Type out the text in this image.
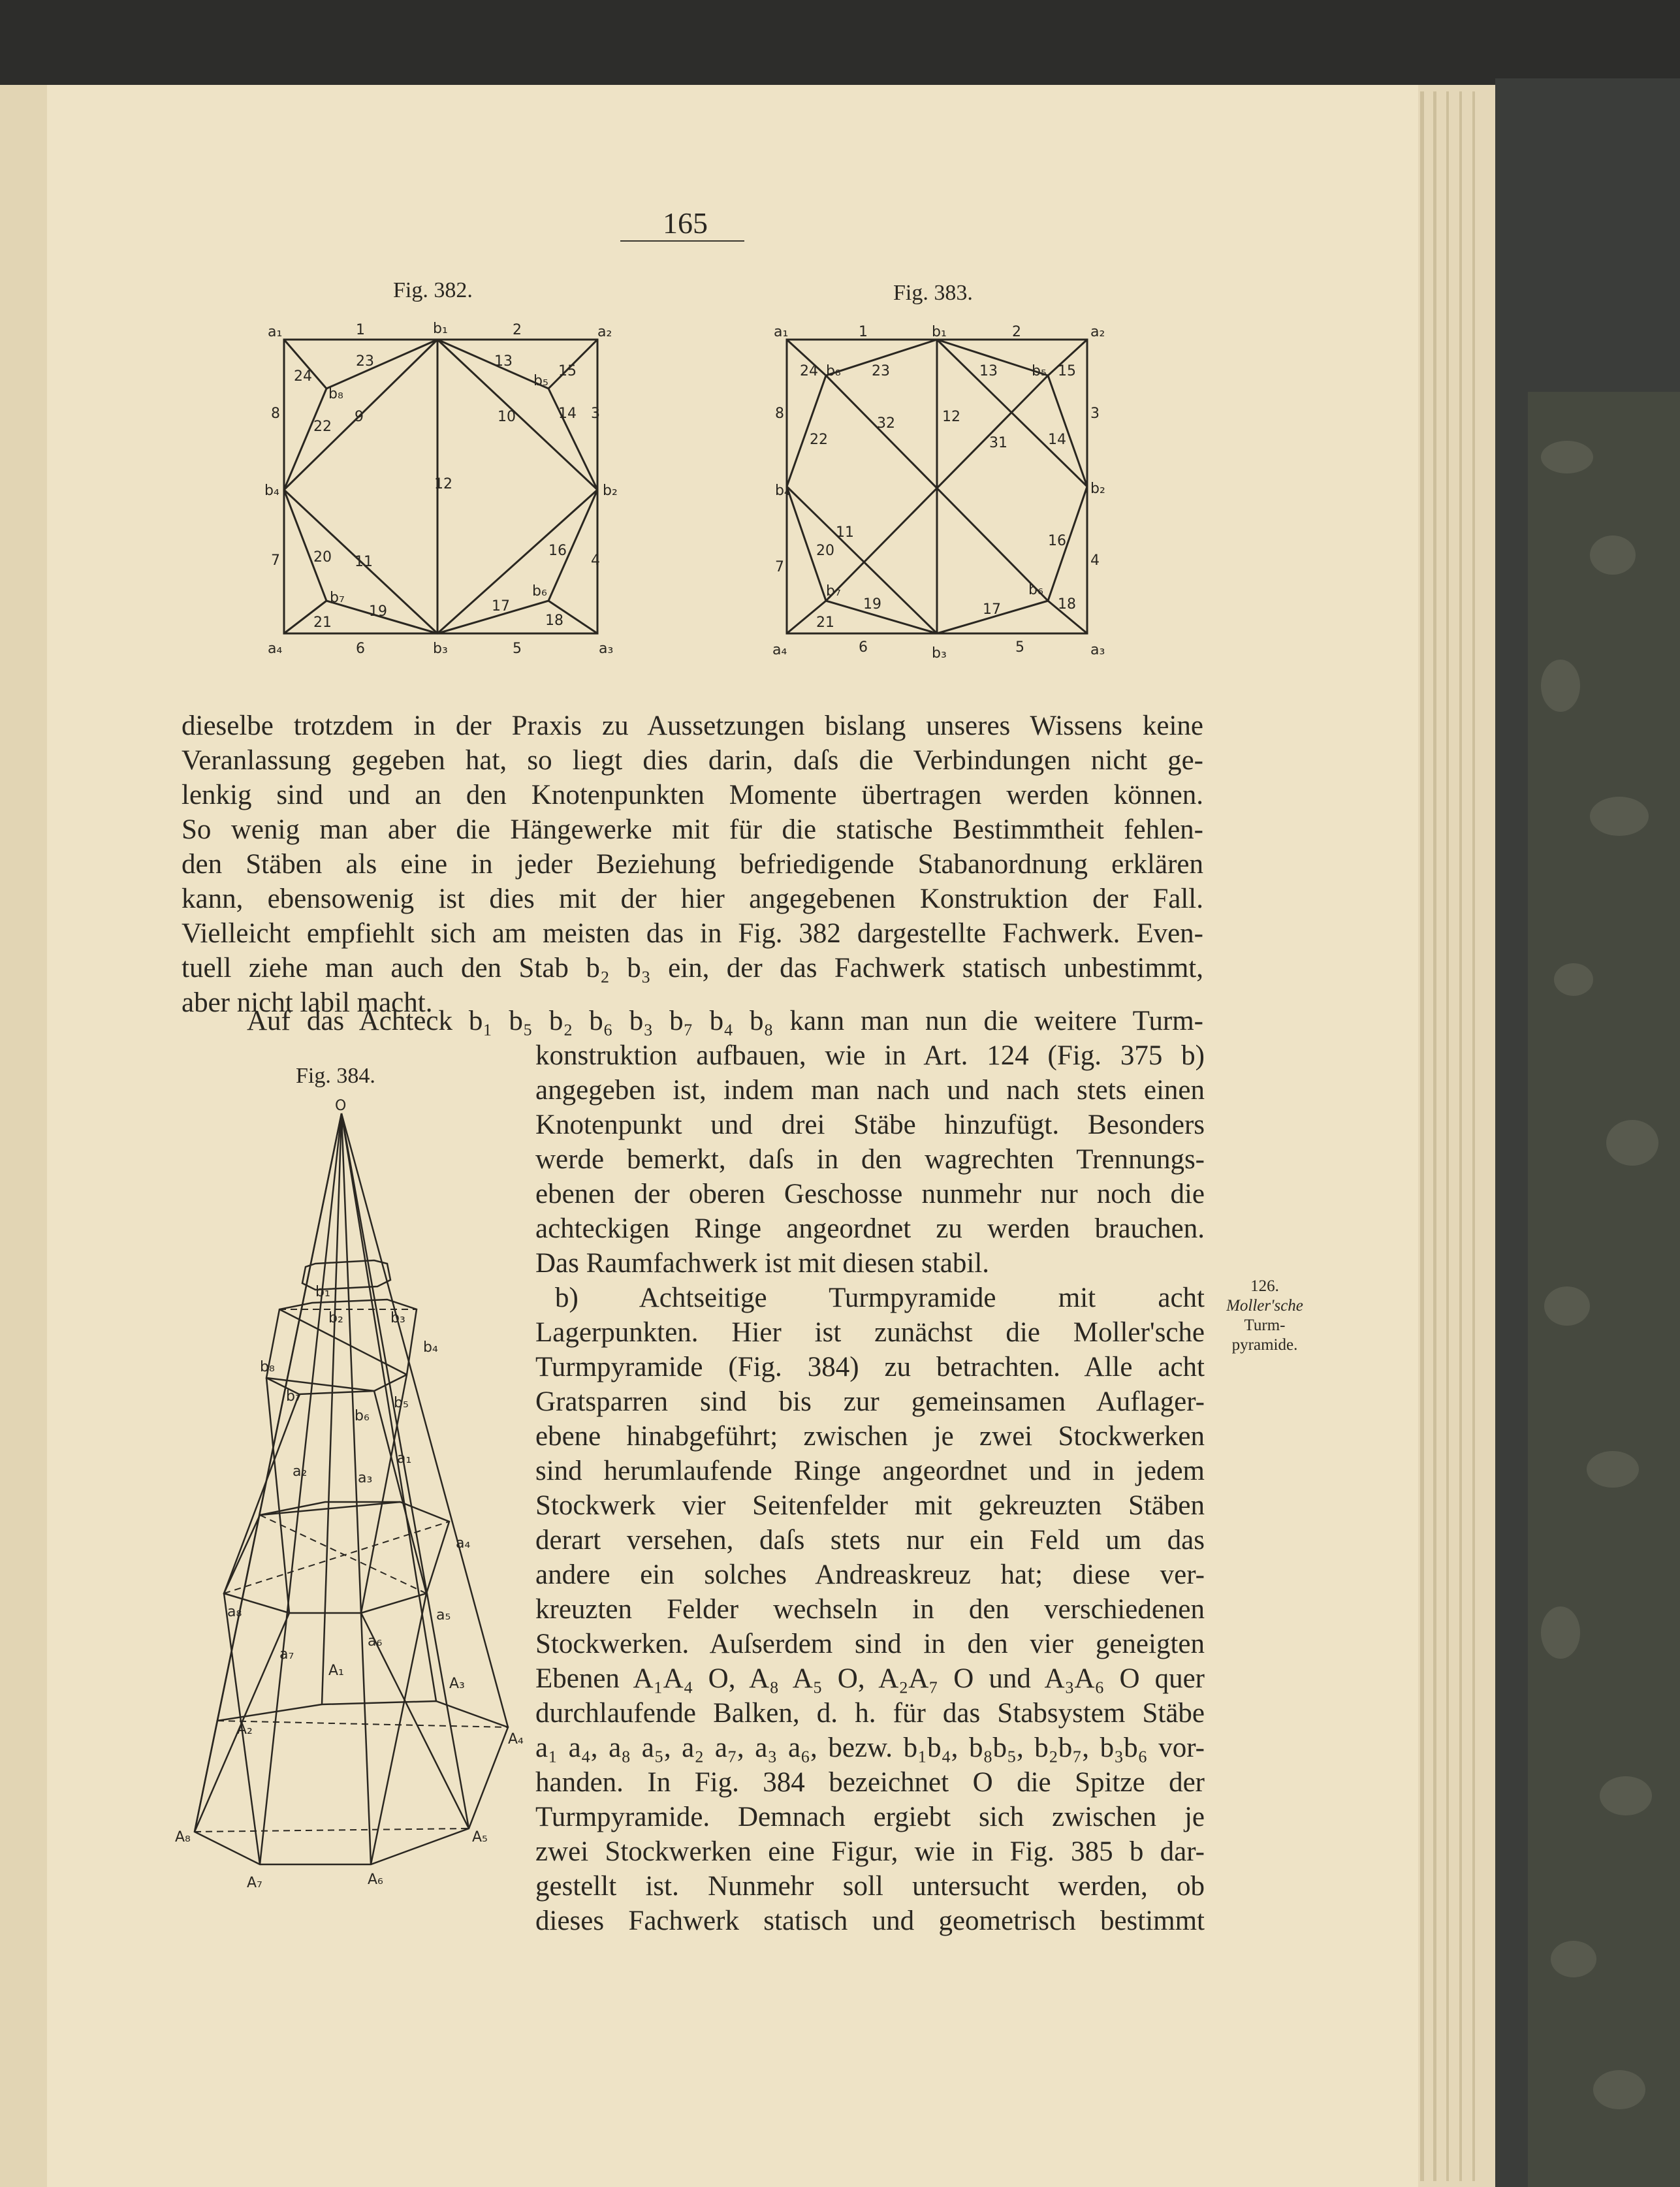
165
Fig. 382.
a₁	a₂
a₃
a₄
b₁
b₂
b₃
b₄
b₅
b₆
b₇
b₈
1	2
3
4
5
6
7
8	9	10
11
12
13
14
15
16
17
18
19
20
21
22
23
24
Fig. 383.
a₁	a₂
a₃
a₄
b₁
b₂
b₃
b₄
b₅
b₆
b₇
b₈
1	2
3
4
5
6
7
8
11
12
13
14
15
16
17	18
19
20
21
22
23
24
31
32
dieselbe trotzdem in der Praxis zu Aussetzungen bislang unseres Wissens keine
Veranlassung gegeben hat, so liegt dies darin, daſs die Verbindungen nicht ge-
lenkig sind und an den Knotenpunkten Momente übertragen werden können.
So wenig man aber die Hängewerke mit für die statische Bestimmtheit fehlen-
den Stäben als eine in jeder Beziehung befriedigende Stabanordnung erklären
kann, ebensowenig ist dies mit der hier angegebenen Konstruktion der Fall.
Vielleicht empfiehlt sich am meisten das in Fig. 382 dargestellte Fachwerk. Even-
tuell ziehe man auch den Stab b₂ b₃ ein, der das Fachwerk statisch unbestimmt,
aber nicht labil macht.
Auf das Achteck b₁ b₅ b₂ b₆ b₃ b₇ b₄ b₈ kann man nun die weitere Turm-
Fig. 384.
O
b₁
b₂	b₃
b₄
b₅
b₆
b₇
b₈
a₁
a₂	a₃
a₄
a₅
a₆
a₇
a₈
A₁
A₂
A₃
A₄
A₅
A₆
A₇
A₈
konstruktion aufbauen, wie in Art. 124 (Fig. 375 b)
angegeben ist, indem man nach und nach stets einen
Knotenpunkt und drei Stäbe hinzufügt. Besonders
werde bemerkt, daſs in den wagrechten Trennungs-
ebenen der oberen Geschosse nunmehr nur noch die
achteckigen Ringe angeordnet zu werden brauchen.
Das Raumfachwerk ist mit diesen stabil.
b) Achtseitige Turmpyramide mit acht
Lagerpunkten. Hier ist zunächst die Moller'sche
Turmpyramide (Fig. 384) zu betrachten. Alle acht
Gratsparren sind bis zur gemeinsamen Auflager-
ebene hinabgeführt; zwischen je zwei Stockwerken
sind herumlaufende Ringe angeordnet und in jedem
Stockwerk vier Seitenfelder mit gekreuzten Stäben
derart versehen, daſs stets nur ein Feld um das
andere ein solches Andreaskreuz hat; diese ver-
kreuzten Felder wechseln in den verschiedenen
Stockwerken. Auſserdem sind in den vier geneigten
Ebenen A₁A₄ O, A₈ A₅ O, A₂A₇ O und A₃A₆ O quer
durchlaufende Balken, d. h. für das Stabsystem Stäbe
a₁ a₄, a₈ a₅, a₂ a₇, a₃ a₆, bezw. b₁b₄, b₈b₅, b₂b₇, b₃b₆ vor-
handen. In Fig. 384 bezeichnet O die Spitze der
Turmpyramide. Demnach ergiebt sich zwischen je
zwei Stockwerken eine Figur, wie in Fig. 385 b dar-
gestellt ist. Nunmehr soll untersucht werden, ob
dieses Fachwerk statisch und geometrisch bestimmt
126.
Moller'sche
Turm-
pyramide.
